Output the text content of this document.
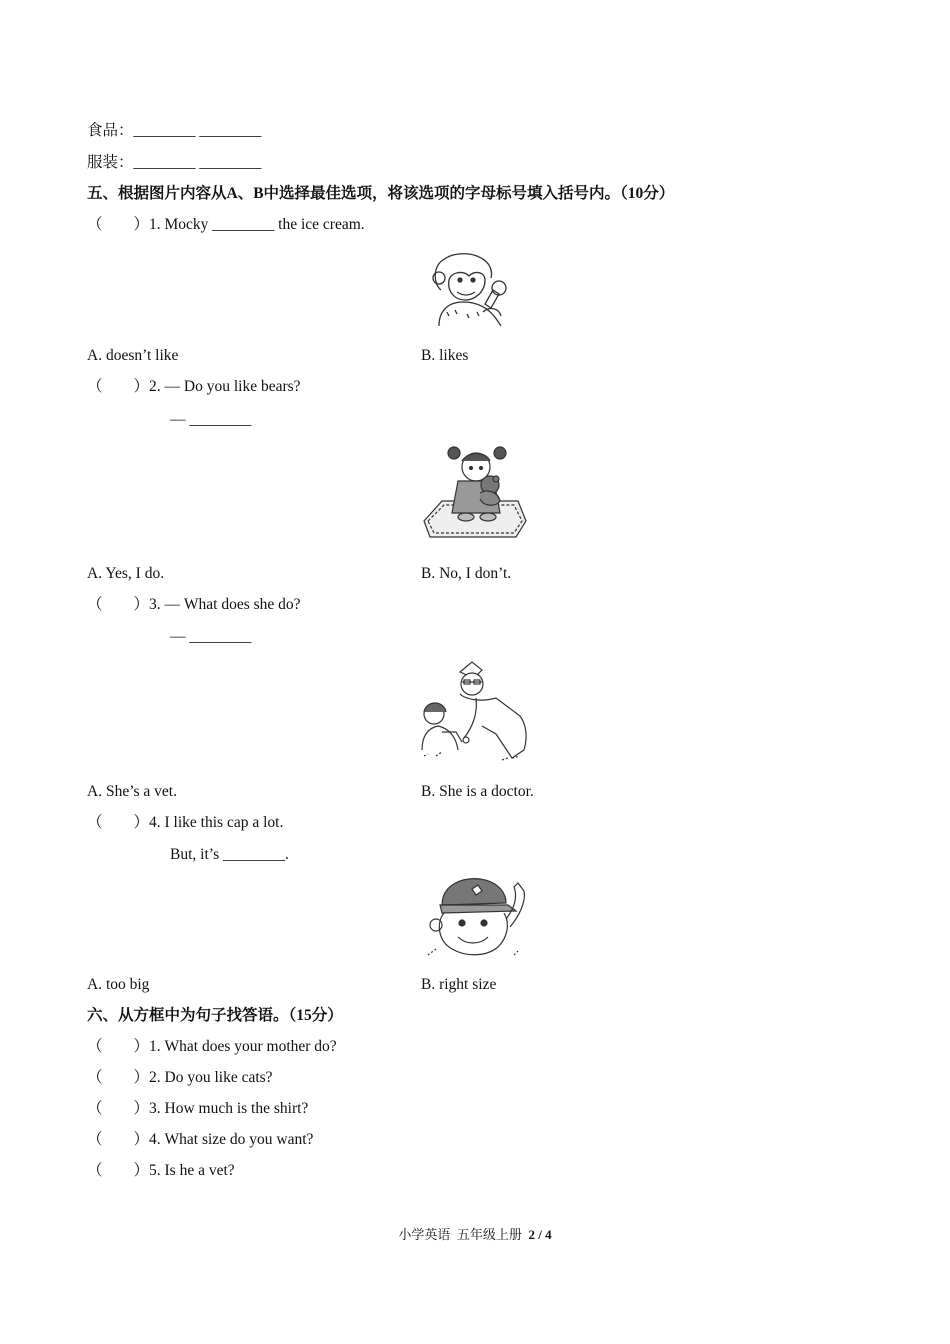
食品：________ ________
服装：________ ________
五、根据图片内容从A、B中选择最佳选项，将该选项的字母标号填入括号内。（10分）
（        ）1. Mocky ________ the ice cream.
A. doesn’t like	B. likes
（        ）2. — Do you like bears?
— ________
A. Yes, I do.	B. No, I don’t.
（        ）3. — What does she do?
— ________
A. She’s a vet.	B. She is a doctor.
（        ）4. I like this cap a lot.
But, it’s ________.
A. too big	B. right size
六、从方框中为句子找答语。（15分）
（        ）1. What does your mother do?
（        ）2. Do you like cats?
（        ）3. How much is the shirt?
（        ）4. What size do you want?
（        ）5. Is he a vet?
小学英语  五年级上册  2 / 4
